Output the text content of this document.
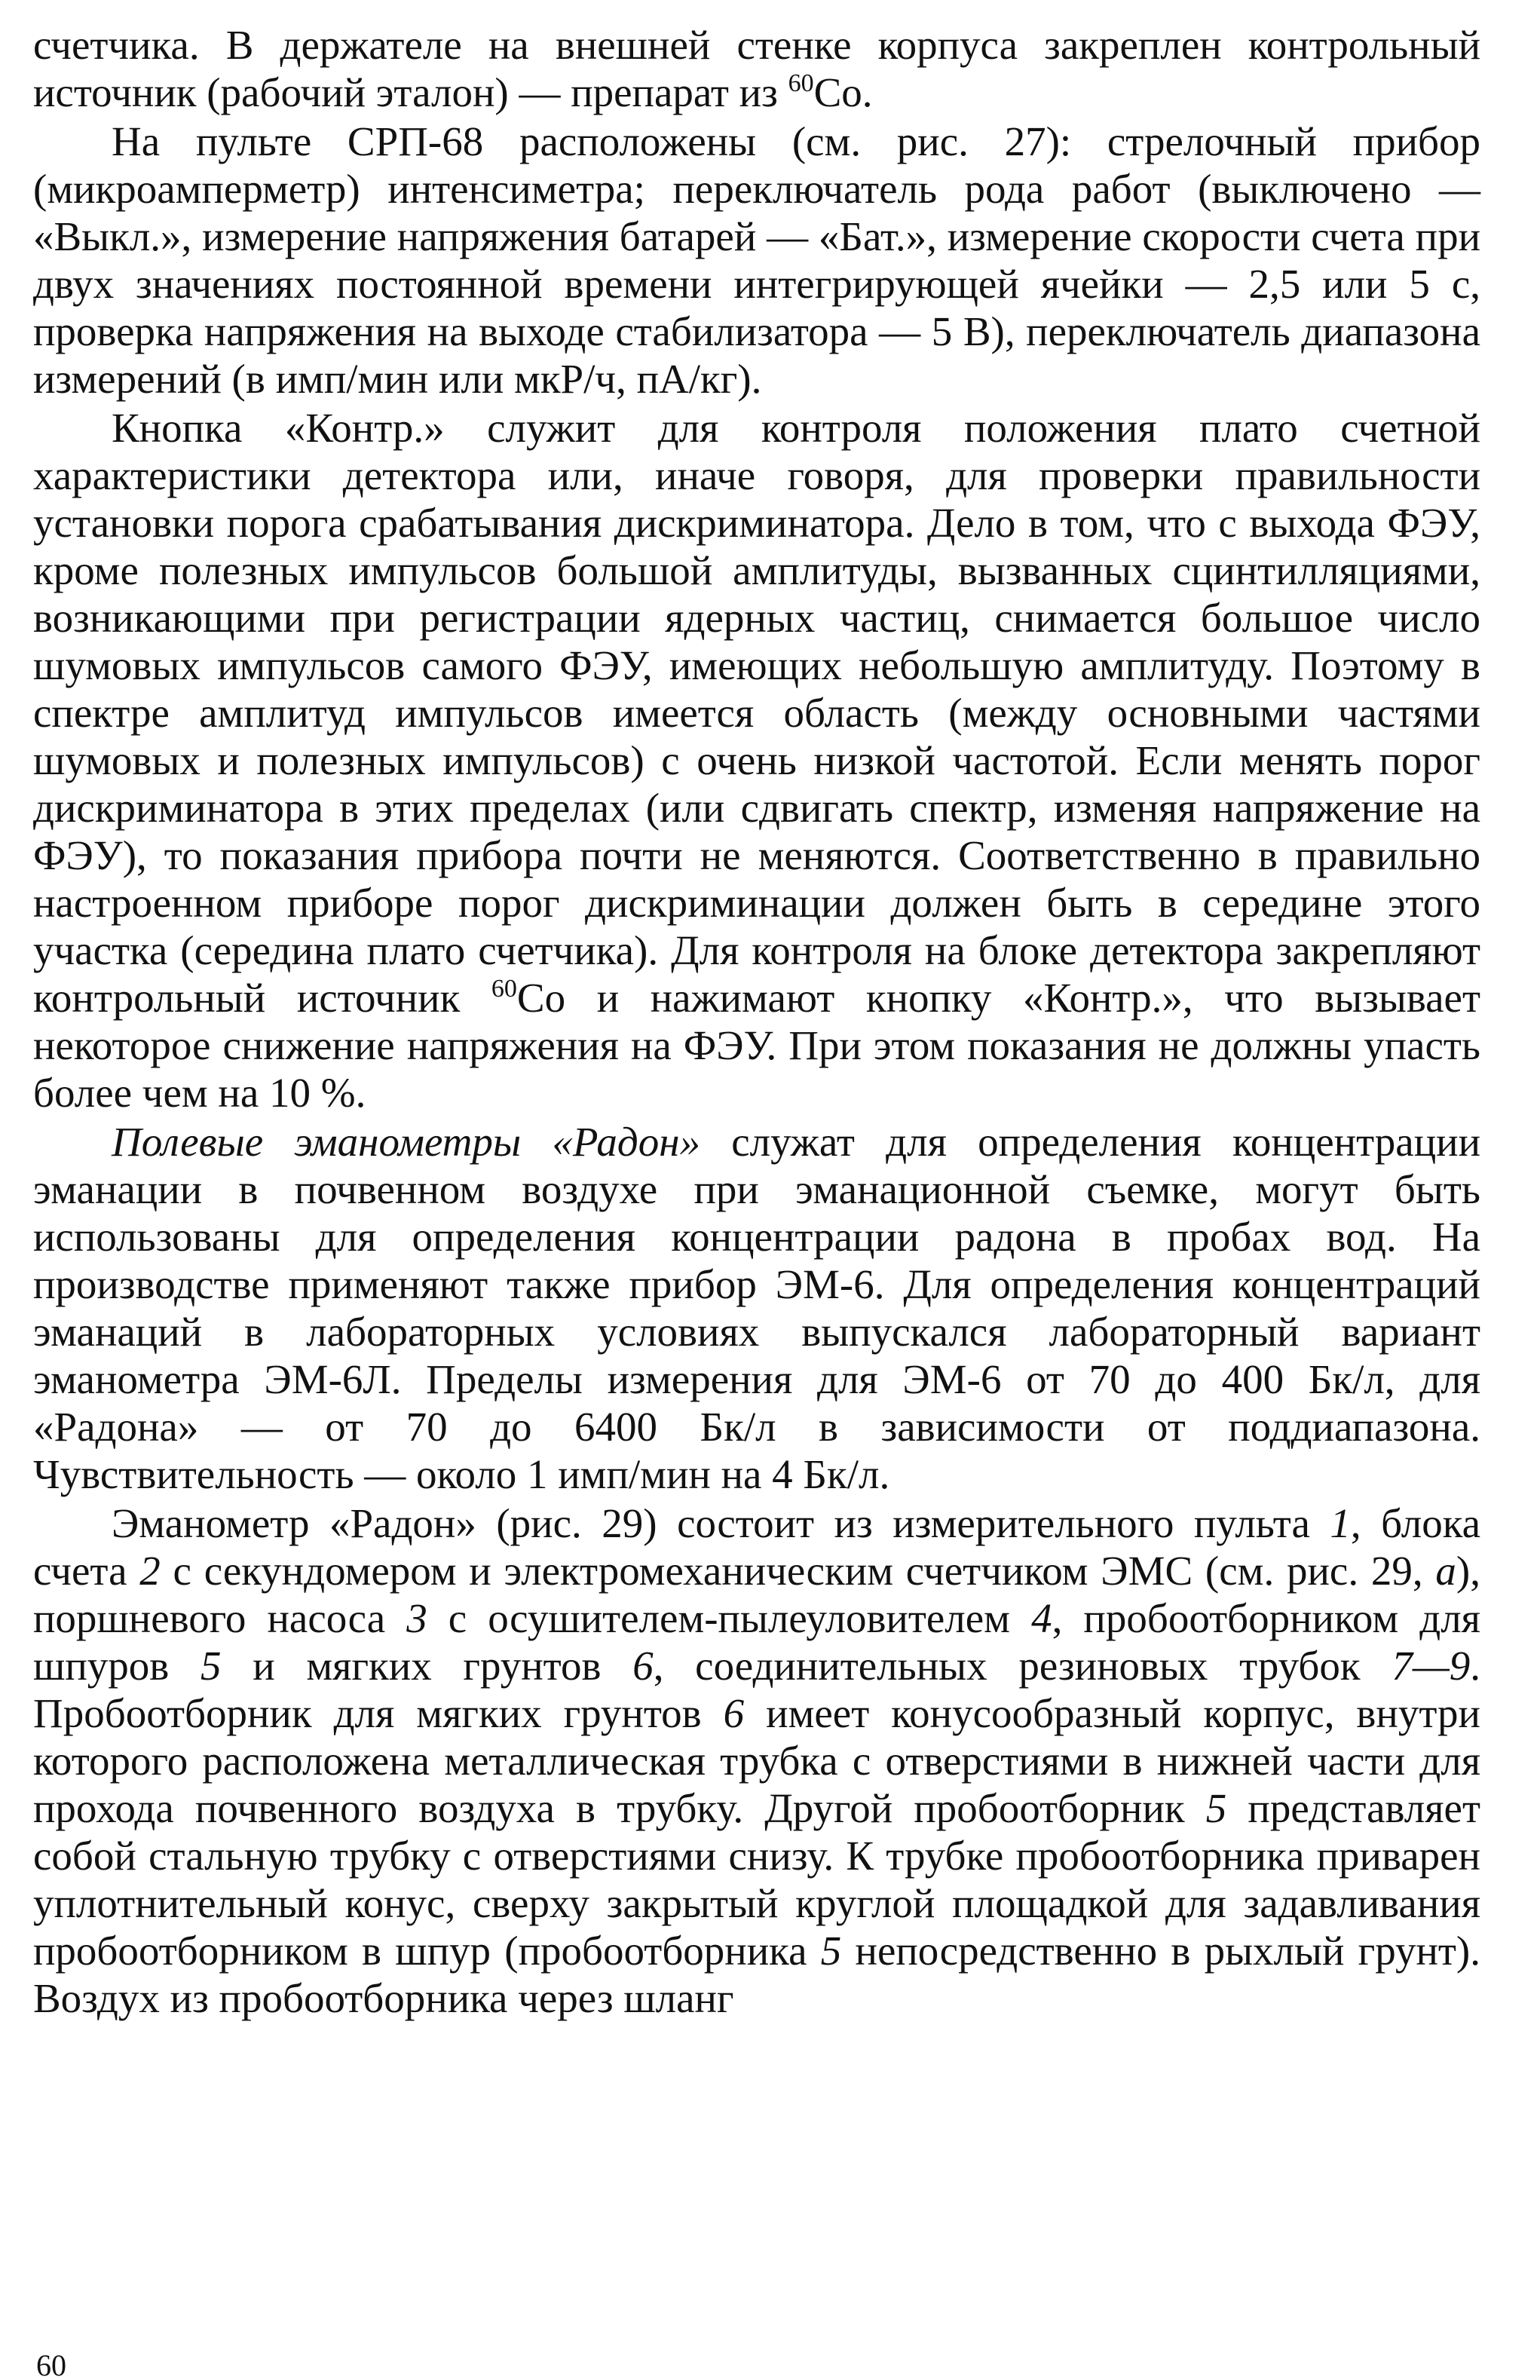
счетчика. В держателе на внешней стенке корпуса закреплен контрольный источник (рабочий эталон) — препарат из $^{60}$Co.

На пульте СРП-68 расположены (см. рис. 27): стрелочный прибор (микроамперметр) интенсиметра; переключатель рода работ (выключено — «Выкл.», измерение напряжения батарей — «Бат.», измерение скорости счета при двух значениях постоянной времени интегрирующей ячейки — 2,5 или 5 с, проверка напряжения на выходе стабилизатора — 5 В), переключатель диапазона измерений (в имп/мин или мкР/ч, пА/кг).

Кнопка «Контр.» служит для контроля положения плато счетной характеристики детектора или, иначе говоря, для проверки правильности установки порога срабатывания дискриминатора. Дело в том, что с выхода ФЭУ, кроме полезных импульсов большой амплитуды, вызванных сцинтилляциями, возникающими при регистрации ядерных частиц, снимается большое число шумовых импульсов самого ФЭУ, имеющих небольшую амплитуду. Поэтому в спектре амплитуд импульсов имеется область (между основными частями шумовых и полезных импульсов) с очень низкой частотой. Если менять порог дискриминатора в этих пределах (или сдвигать спектр, изменяя напряжение на ФЭУ), то показания прибора почти не меняются. Соответственно в правильно настроенном приборе порог дискриминации должен быть в середине этого участка (середина плато счетчика). Для контроля на блоке детектора закрепляют контрольный источник $^{60}$Co и нажимают кнопку «Контр.», что вызывает некоторое снижение напряжения на ФЭУ. При этом показания не должны упасть более чем на 10 %.

Полевые эманометры «Радон» служат для определения концентрации эманации в почвенном воздухе при эманационной съемке, могут быть использованы для определения концентрации радона в пробах вод. На производстве применяют также прибор ЭМ-6. Для определения концентраций эманаций в лабораторных условиях выпускался лабораторный вариант эманометра ЭМ-6Л. Пределы измерения для ЭМ-6 от 70 до 400 Бк/л, для «Радона» — от 70 до 6400 Бк/л в зависимости от поддиапазона. Чувствительность — около 1 имп/мин на 4 Бк/л.

Эманометр «Радон» (рис. 29) состоит из измерительного пульта 1, блока счета 2 с секундомером и электромеханическим счетчиком ЭМС (см. рис. 29, а), поршневого насоса 3 с осушителем-пылеуловителем 4, пробоотборником для шпуров 5 и мягких грунтов 6, соединительных резиновых трубок 7—9. Пробоотборник для мягких грунтов 6 имеет конусообразный корпус, внутри которого расположена металлическая трубка с отверстиями в нижней части для прохода почвенного воздуха в трубку. Другой пробоотборник 5 представляет собой стальную трубку с отверстиями снизу. К трубке пробоотборника приварен уплотнительный конус, сверху закрытый круглой площадкой для задавливания пробоотборником в шпур (пробоотборника 5 непосредственно в рыхлый грунт). Воздух из пробоотборника через шланг

60
